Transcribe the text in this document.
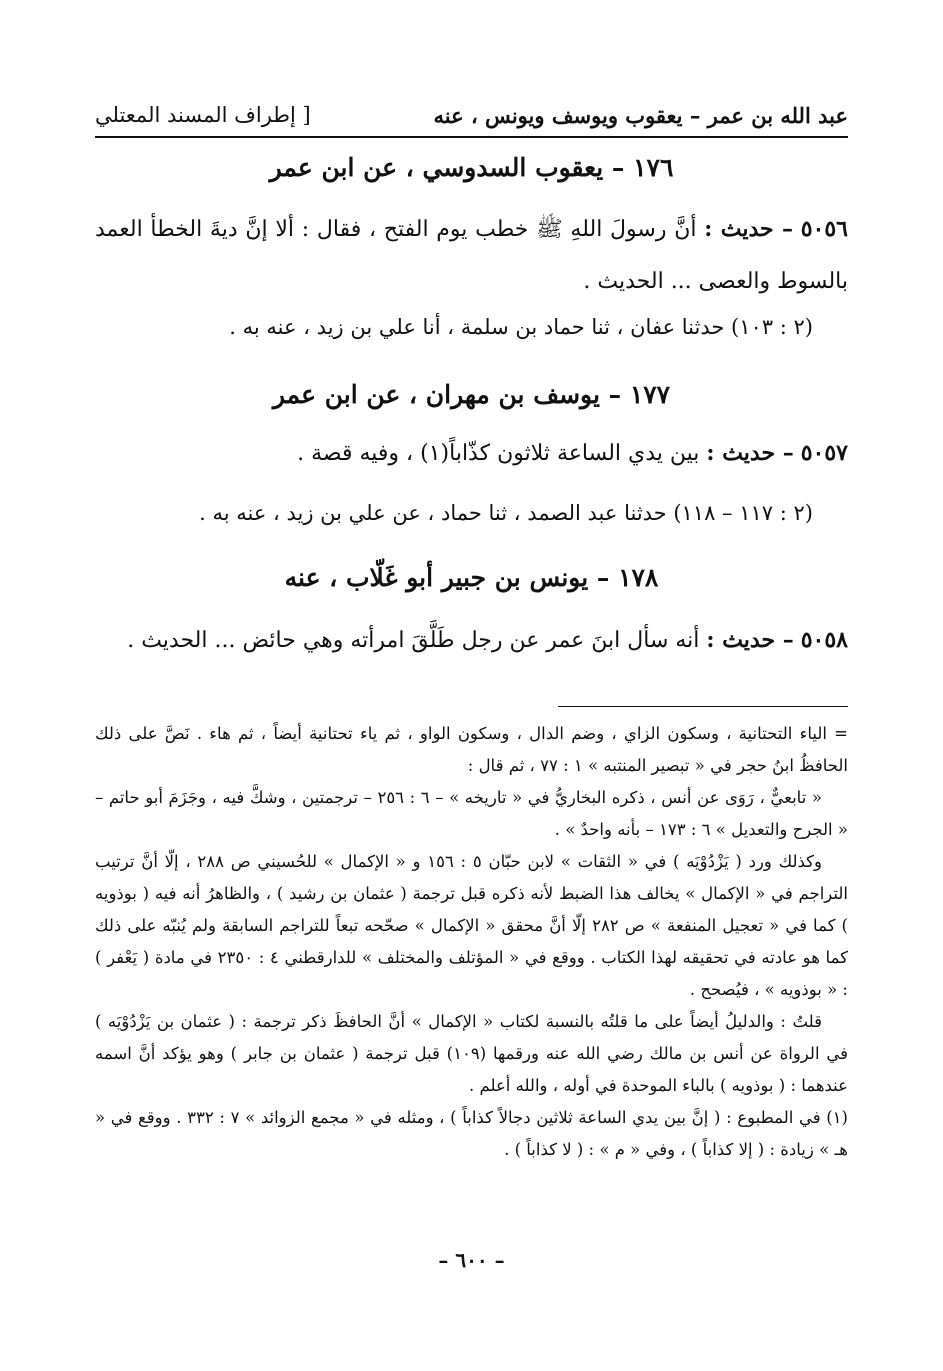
عبد الله بن عمر – يعقوب ويوسف ويونس ، عنه
[ إطراف المسند المعتلي
١٧٦ – يعقوب السدوسي ، عن ابن عمر
٥٠٥٦ – حديث : أنَّ رسولَ اللهِ ﷺ خطب يوم الفتح ، فقال : ألا إنَّ ديةَ الخطأ العمد بالسوط والعصى ... الحديث .
(٢ : ١٠٣) حدثنا عفان ، ثنا حماد بن سلمة ، أنا علي بن زيد ، عنه به .
١٧٧ – يوسف بن مهران ، عن ابن عمر
٥٠٥٧ – حديث : بين يدي الساعة ثلاثون كذّاباً(١) ، وفيه قصة .
(٢ : ١١٧ – ١١٨) حدثنا عبد الصمد ، ثنا حماد ، عن علي بن زيد ، عنه به .
١٧٨ – يونس بن جبير أبو غَلّاب ، عنه
٥٠٥٨ – حديث : أنه سأل ابنَ عمر عن رجل طَلَّقَ امرأته وهي حائض ... الحديث .

= الياء التحتانية ، وسكون الزاي ، وضم الدال ، وسكون الواو ، ثم ياء تحتانية أيضاً ، ثم هاء . نَصَّ على ذلك الحافظُ ابنُ حجر في « تبصير المنتبه » ١ : ٧٧ ، ثم قال :

« تابعيٌّ ، رَوَى عن أنس ، ذكره البخاريُّ في « تاريخه » – ٦ : ٢٥٦ – ترجمتين ، وشكَّ فيه ، وجَزَمَ أبو حاتم – « الجرح والتعديل » ٦ : ١٧٣ – بأنه واحدٌ » .

وكذلك ورد ( يَزْدُوْيَه ) في « الثقات » لابن حبّان ٥ : ١٥٦ و « الإكمال » للحُسيني ص ٢٨٨ ، إلّا أنَّ ترتيب التراجم في « الإكمال » يخالف هذا الضبط لأنه ذكره قبل ترجمة ( عثمان بن رشيد ) ، والظاهرُ أنه فيه ( بوذويه ) كما في « تعجيل المنفعة » ص ٢٨٢ إلّا أنَّ محقق « الإكمال » صحّحه تبعاً للتراجم السابقة ولم يُنبّه على ذلك كما هو عادته في تحقيقه لهذا الكتاب . ووقع في « المؤتلف والمختلف » للدارقطني ٤ : ٢٣٥٠ في مادة ( يَعْفر ) : « بوذويه » ، فيُصحح .

قلتُ : والدليلُ أيضاً على ما قلتُه بالنسبة لكتاب « الإكمال » أنَّ الحافظَ ذكر ترجمة : ( عثمان بن يَزْدُوْيَه ) في الرواة عن أنس بن مالك رضي الله عنه ورقمها (١٠٩) قبل ترجمة ( عثمان بن جابر ) وهو يؤكد أنَّ اسمه عندهما : ( بوذويه ) بالباء الموحدة في أوله ، والله أعلم .

(١) في المطبوع : ( إنَّ بين يدي الساعة ثلاثين دجالاً كذاباً ) ، ومثله في « مجمع الزوائد » ٧ : ٣٣٢ . ووقع في « هـ » زيادة : ( إلا كذاباً ) ، وفي « م » : ( لا كذاباً ) .

– ٦٠٠ –
